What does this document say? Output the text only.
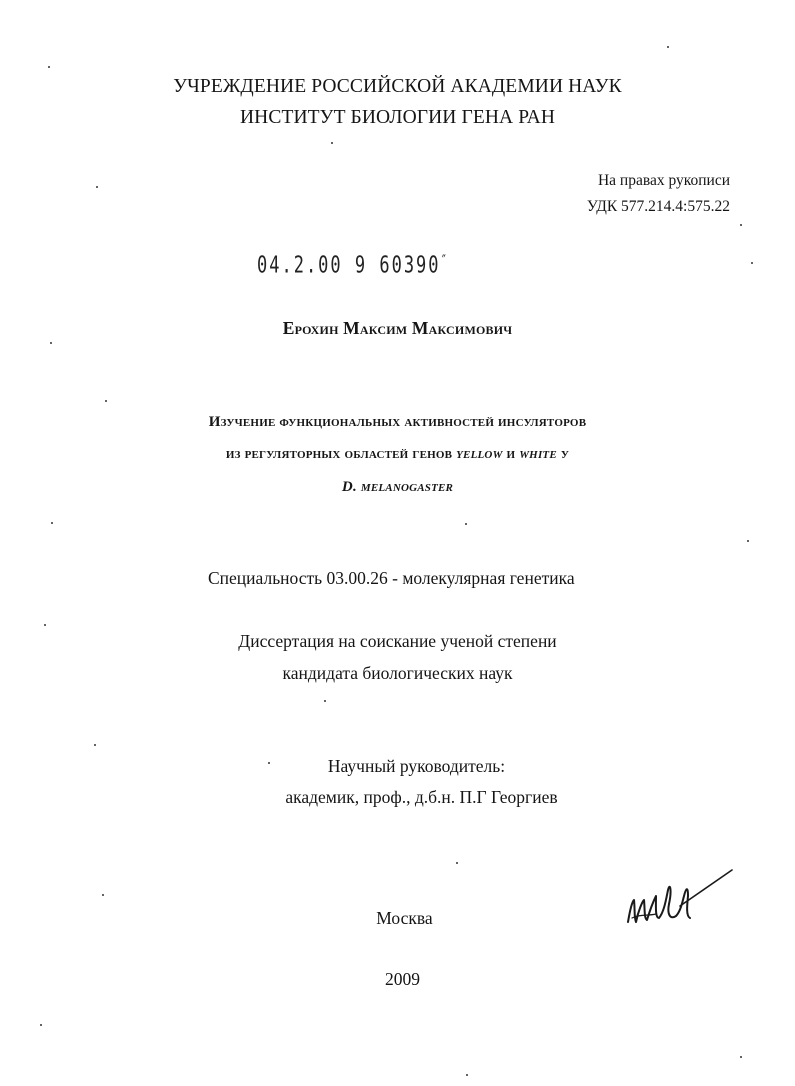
УЧРЕЖДЕНИЕ РОССИЙСКОЙ АКАДЕМИИ НАУК
ИНСТИТУТ БИОЛОГИИ ГЕНА РАН
На правах рукописи
УДК 577.214.4:575.22
04.2.00 9 60390″
Ерохин Максим Максимович
Изучение функциональных активностей инсуляторов
из регуляторных областей генов yellow и white у
D. melanogaster
Специальность 03.00.26 - молекулярная генетика
Диссертация на соискание ученой степени
кандидата биологических наук
Научный руководитель:
академик, проф., д.б.н. П.Г Георгиев
Москва
2009
